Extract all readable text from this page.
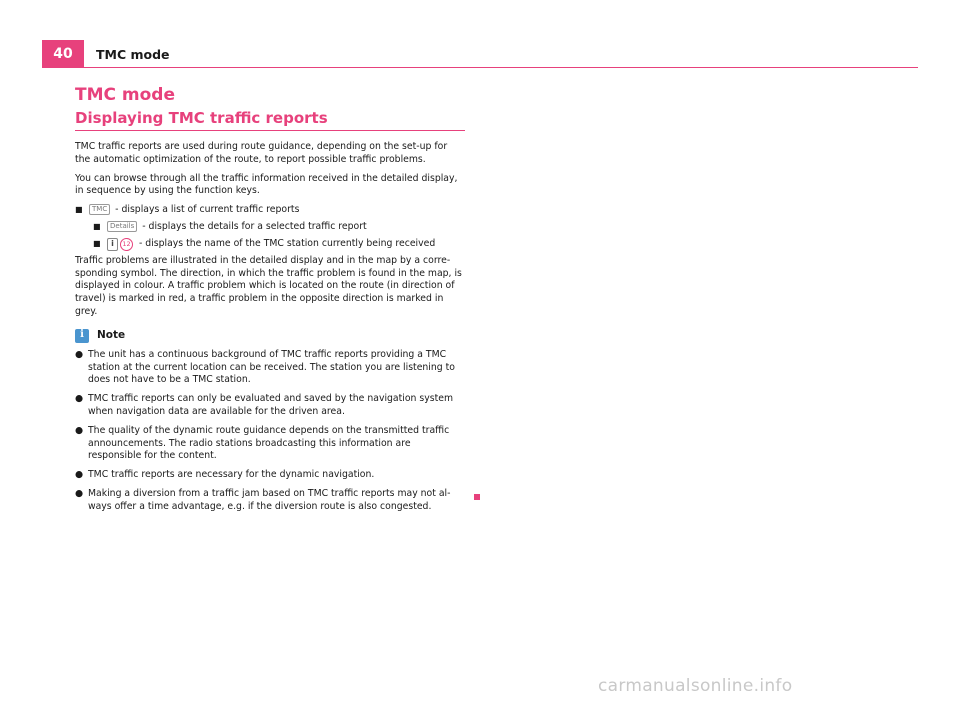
40	TMC mode
TMC mode
Displaying TMC traffic reports

TMC traffic reports are used during route guidance, depending on the set-up for the automatic optimization of the route, to report possible traffic problems.

You can browse through all the traffic information received in the detailed display, in sequence by using the function keys.

■	TMC - displays a list of current traffic reports
■	Details - displays the details for a selected traffic report
■	i 12 - displays the name of the TMC station currently being received

Traffic problems are illustrated in the detailed display and in the map by a corre-sponding symbol. The direction, in which the traffic problem is found in the map, is displayed in colour. A traffic problem which is located on the route (in direction of travel) is marked in red, a traffic problem in the opposite direction is marked in grey.

i	Note
● The unit has a continuous background of TMC traffic reports providing a TMC station at the current location can be received. The station you are listening to does not have to be a TMC station.
● TMC traffic reports can only be evaluated and saved by the navigation system when navigation data are available for the driven area.
● The quality of the dynamic route guidance depends on the transmitted traffic announcements. The radio stations broadcasting this information are responsible for the content.
● TMC traffic reports are necessary for the dynamic navigation.
● Making a diversion from a traffic jam based on TMC traffic reports may not al-ways offer a time advantage, e.g. if the diversion route is also congested.
carmanualsonline.info
